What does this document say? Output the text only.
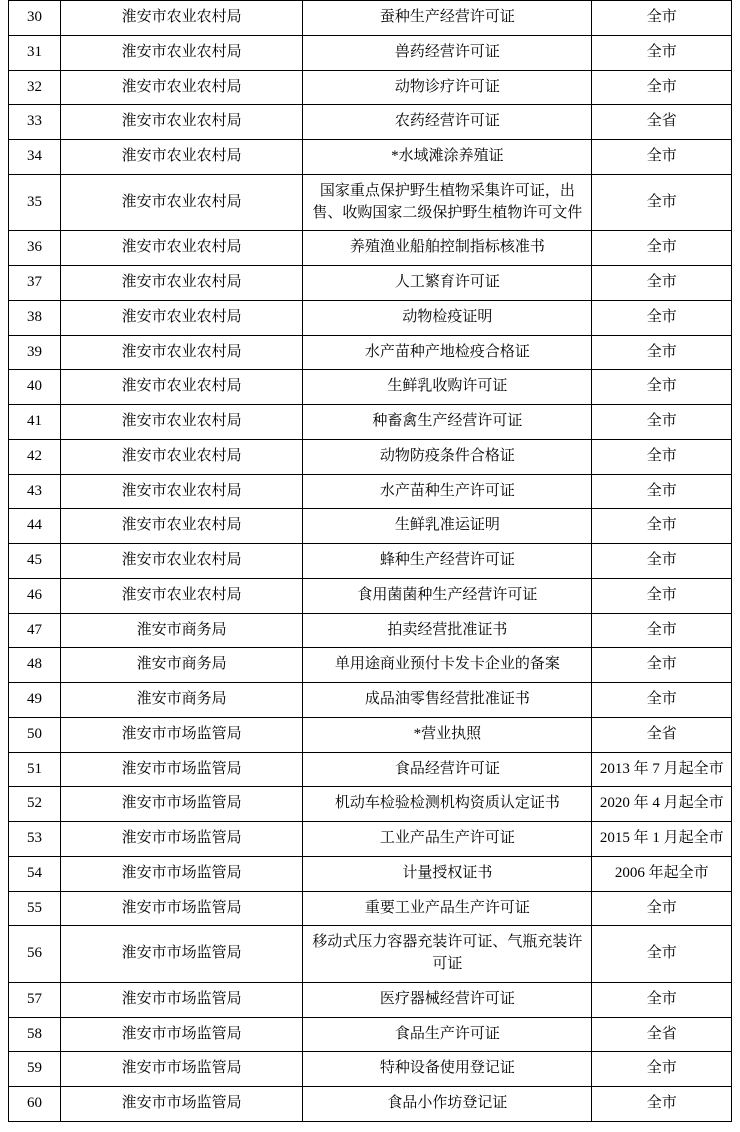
30	淮安市农业农村局	蚕种生产经营许可证	全市
31	淮安市农业农村局	兽药经营许可证	全市
32	淮安市农业农村局	动物诊疗许可证	全市
33	淮安市农业农村局	农药经营许可证	全省
34	淮安市农业农村局	*水域滩涂养殖证	全市
35	淮安市农业农村局	国家重点保护野生植物采集许可证，出售、收购国家二级保护野生植物许可文件	全市
36	淮安市农业农村局	养殖渔业船舶控制指标核准书	全市
37	淮安市农业农村局	人工繁育许可证	全市
38	淮安市农业农村局	动物检疫证明	全市
39	淮安市农业农村局	水产苗种产地检疫合格证	全市
40	淮安市农业农村局	生鲜乳收购许可证	全市
41	淮安市农业农村局	种畜禽生产经营许可证	全市
42	淮安市农业农村局	动物防疫条件合格证	全市
43	淮安市农业农村局	水产苗种生产许可证	全市
44	淮安市农业农村局	生鲜乳准运证明	全市
45	淮安市农业农村局	蜂种生产经营许可证	全市
46	淮安市农业农村局	食用菌菌种生产经营许可证	全市
47	淮安市商务局	拍卖经营批准证书	全市
48	淮安市商务局	单用途商业预付卡发卡企业的备案	全市
49	淮安市商务局	成品油零售经营批准证书	全市
50	淮安市市场监管局	*营业执照	全省
51	淮安市市场监管局	食品经营许可证	2013 年 7 月起全市
52	淮安市市场监管局	机动车检验检测机构资质认定证书	2020 年 4 月起全市
53	淮安市市场监管局	工业产品生产许可证	2015 年 1 月起全市
54	淮安市市场监管局	计量授权证书	2006 年起全市
55	淮安市市场监管局	重要工业产品生产许可证	全市
56	淮安市市场监管局	移动式压力容器充装许可证、气瓶充装许可证	全市
57	淮安市市场监管局	医疗器械经营许可证	全市
58	淮安市市场监管局	食品生产许可证	全省
59	淮安市市场监管局	特种设备使用登记证	全市
60	淮安市市场监管局	食品小作坊登记证	全市
